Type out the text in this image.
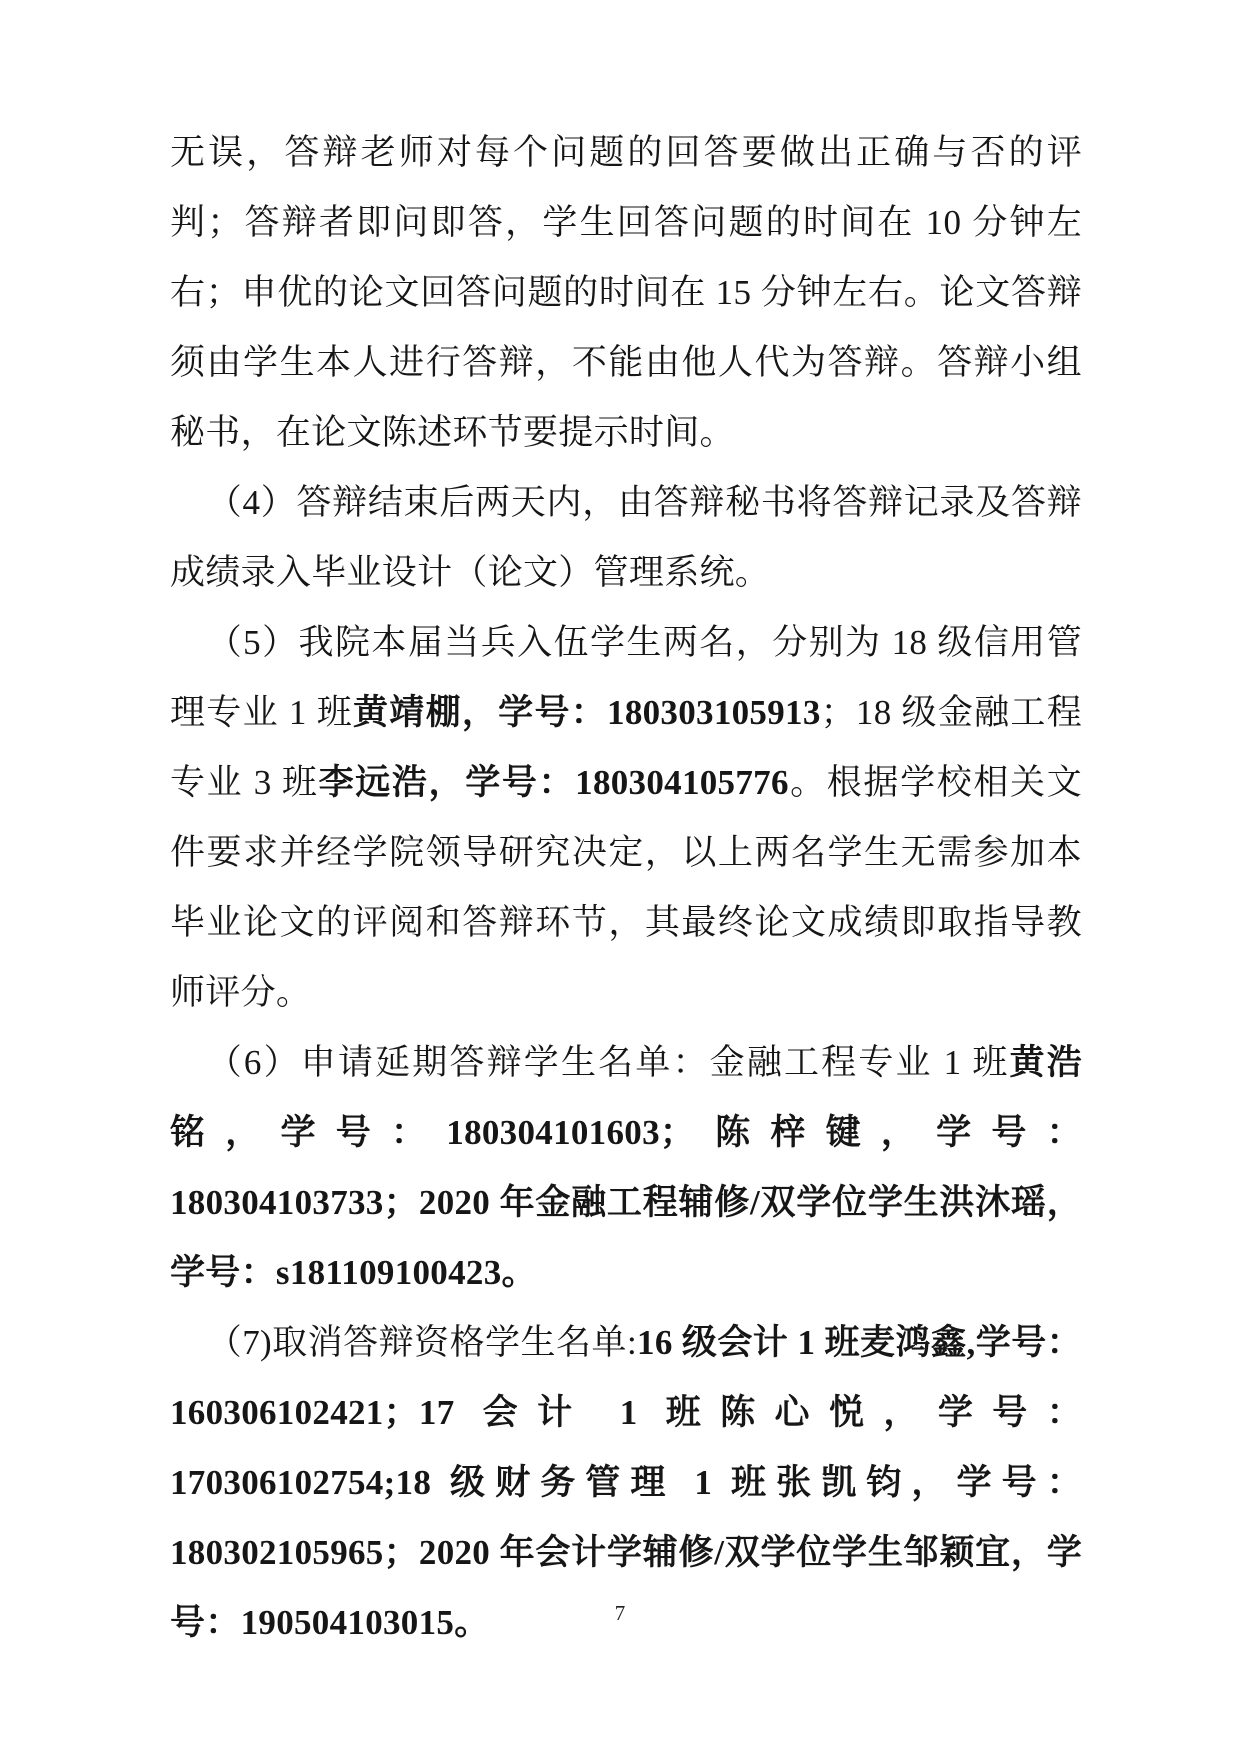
无误，答辩老师对每个问题的回答要做出正确与否的评判；答辩者即问即答，学生回答问题的时间在 10 分钟左右；申优的论文回答问题的时间在 15 分钟左右。论文答辩须由学生本人进行答辩，不能由他人代为答辩。答辩小组秘书，在论文陈述环节要提示时间。

（4）答辩结束后两天内，由答辩秘书将答辩记录及答辩成绩录入毕业设计（论文）管理系统。

（5）我院本届当兵入伍学生两名，分别为 18 级信用管理专业 1 班黄靖棚，学号：180303105913；18 级金融工程专业 3 班李远浩，学号：180304105776。根据学校相关文件要求并经学院领导研究决定，以上两名学生无需参加本毕业论文的评阅和答辩环节，其最终论文成绩即取指导教师评分。

（6）申请延期答辩学生名单：金融工程专业 1 班黄浩铭，学号：180304101603；陈梓键，学号：180304103733；2020 年金融工程辅修/双学位学生洪沐瑶，学号：s181109100423。

（7)取消答辩资格学生名单:16 级会计 1 班麦鸿鑫,学号：160306102421；17 会计 1 班陈心悦，学号：170306102754;18 级财务管理 1 班张凯钧，学号：180302105965；2020 年会计学辅修/双学位学生邹颖宜，学号：190504103015。	7
